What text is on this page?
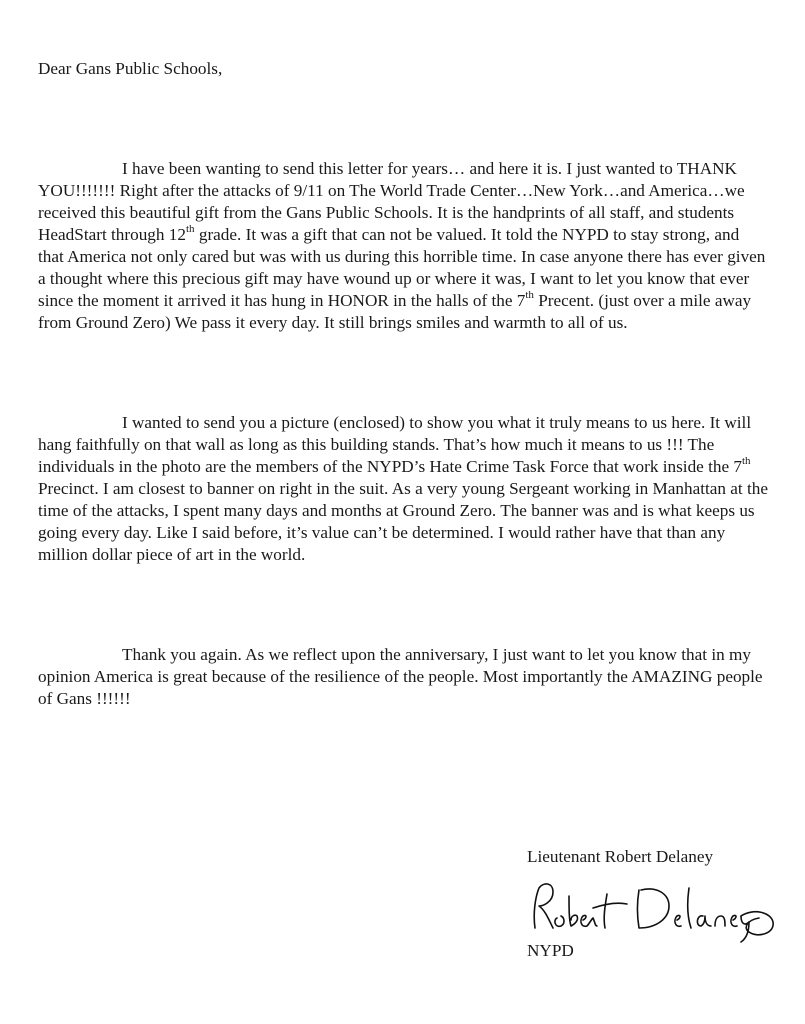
Dear Gans Public Schools,

I have been wanting to send this letter for years… and here it is. I just wanted to THANK YOU!!!!!!! Right after the attacks of 9/11 on The World Trade Center…New York…and America…we received this beautiful gift from the Gans Public Schools. It is the handprints of all staff, and students HeadStart through 12th grade. It was a gift that can not be valued. It told the NYPD to stay strong, and that America not only cared but was with us during this horrible time. In case anyone there has ever given a thought where this precious gift may have wound up or where it was, I want to let you know that ever since the moment it arrived it has hung in HONOR in the halls of the 7th Precent. (just over a mile away from Ground Zero) We pass it every day. It still brings smiles and warmth to all of us.

I wanted to send you a picture (enclosed) to show you what it truly means to us here. It will hang faithfully on that wall as long as this building stands. That’s how much it means to us !!! The individuals in the photo are the members of the NYPD’s Hate Crime Task Force that work inside the 7th Precinct. I am closest to banner on right in the suit. As a very young Sergeant working in Manhattan at the time of the attacks, I spent many days and months at Ground Zero. The banner was and is what keeps us going every day. Like I said before, it’s value can’t be determined. I would rather have that than any million dollar piece of art in the world.

Thank you again. As we reflect upon the anniversary, I just want to let you know that in my opinion America is great because of the resilience of the people. Most importantly the AMAZING people of Gans !!!!!!

Lieutenant Robert Delaney

NYPD
